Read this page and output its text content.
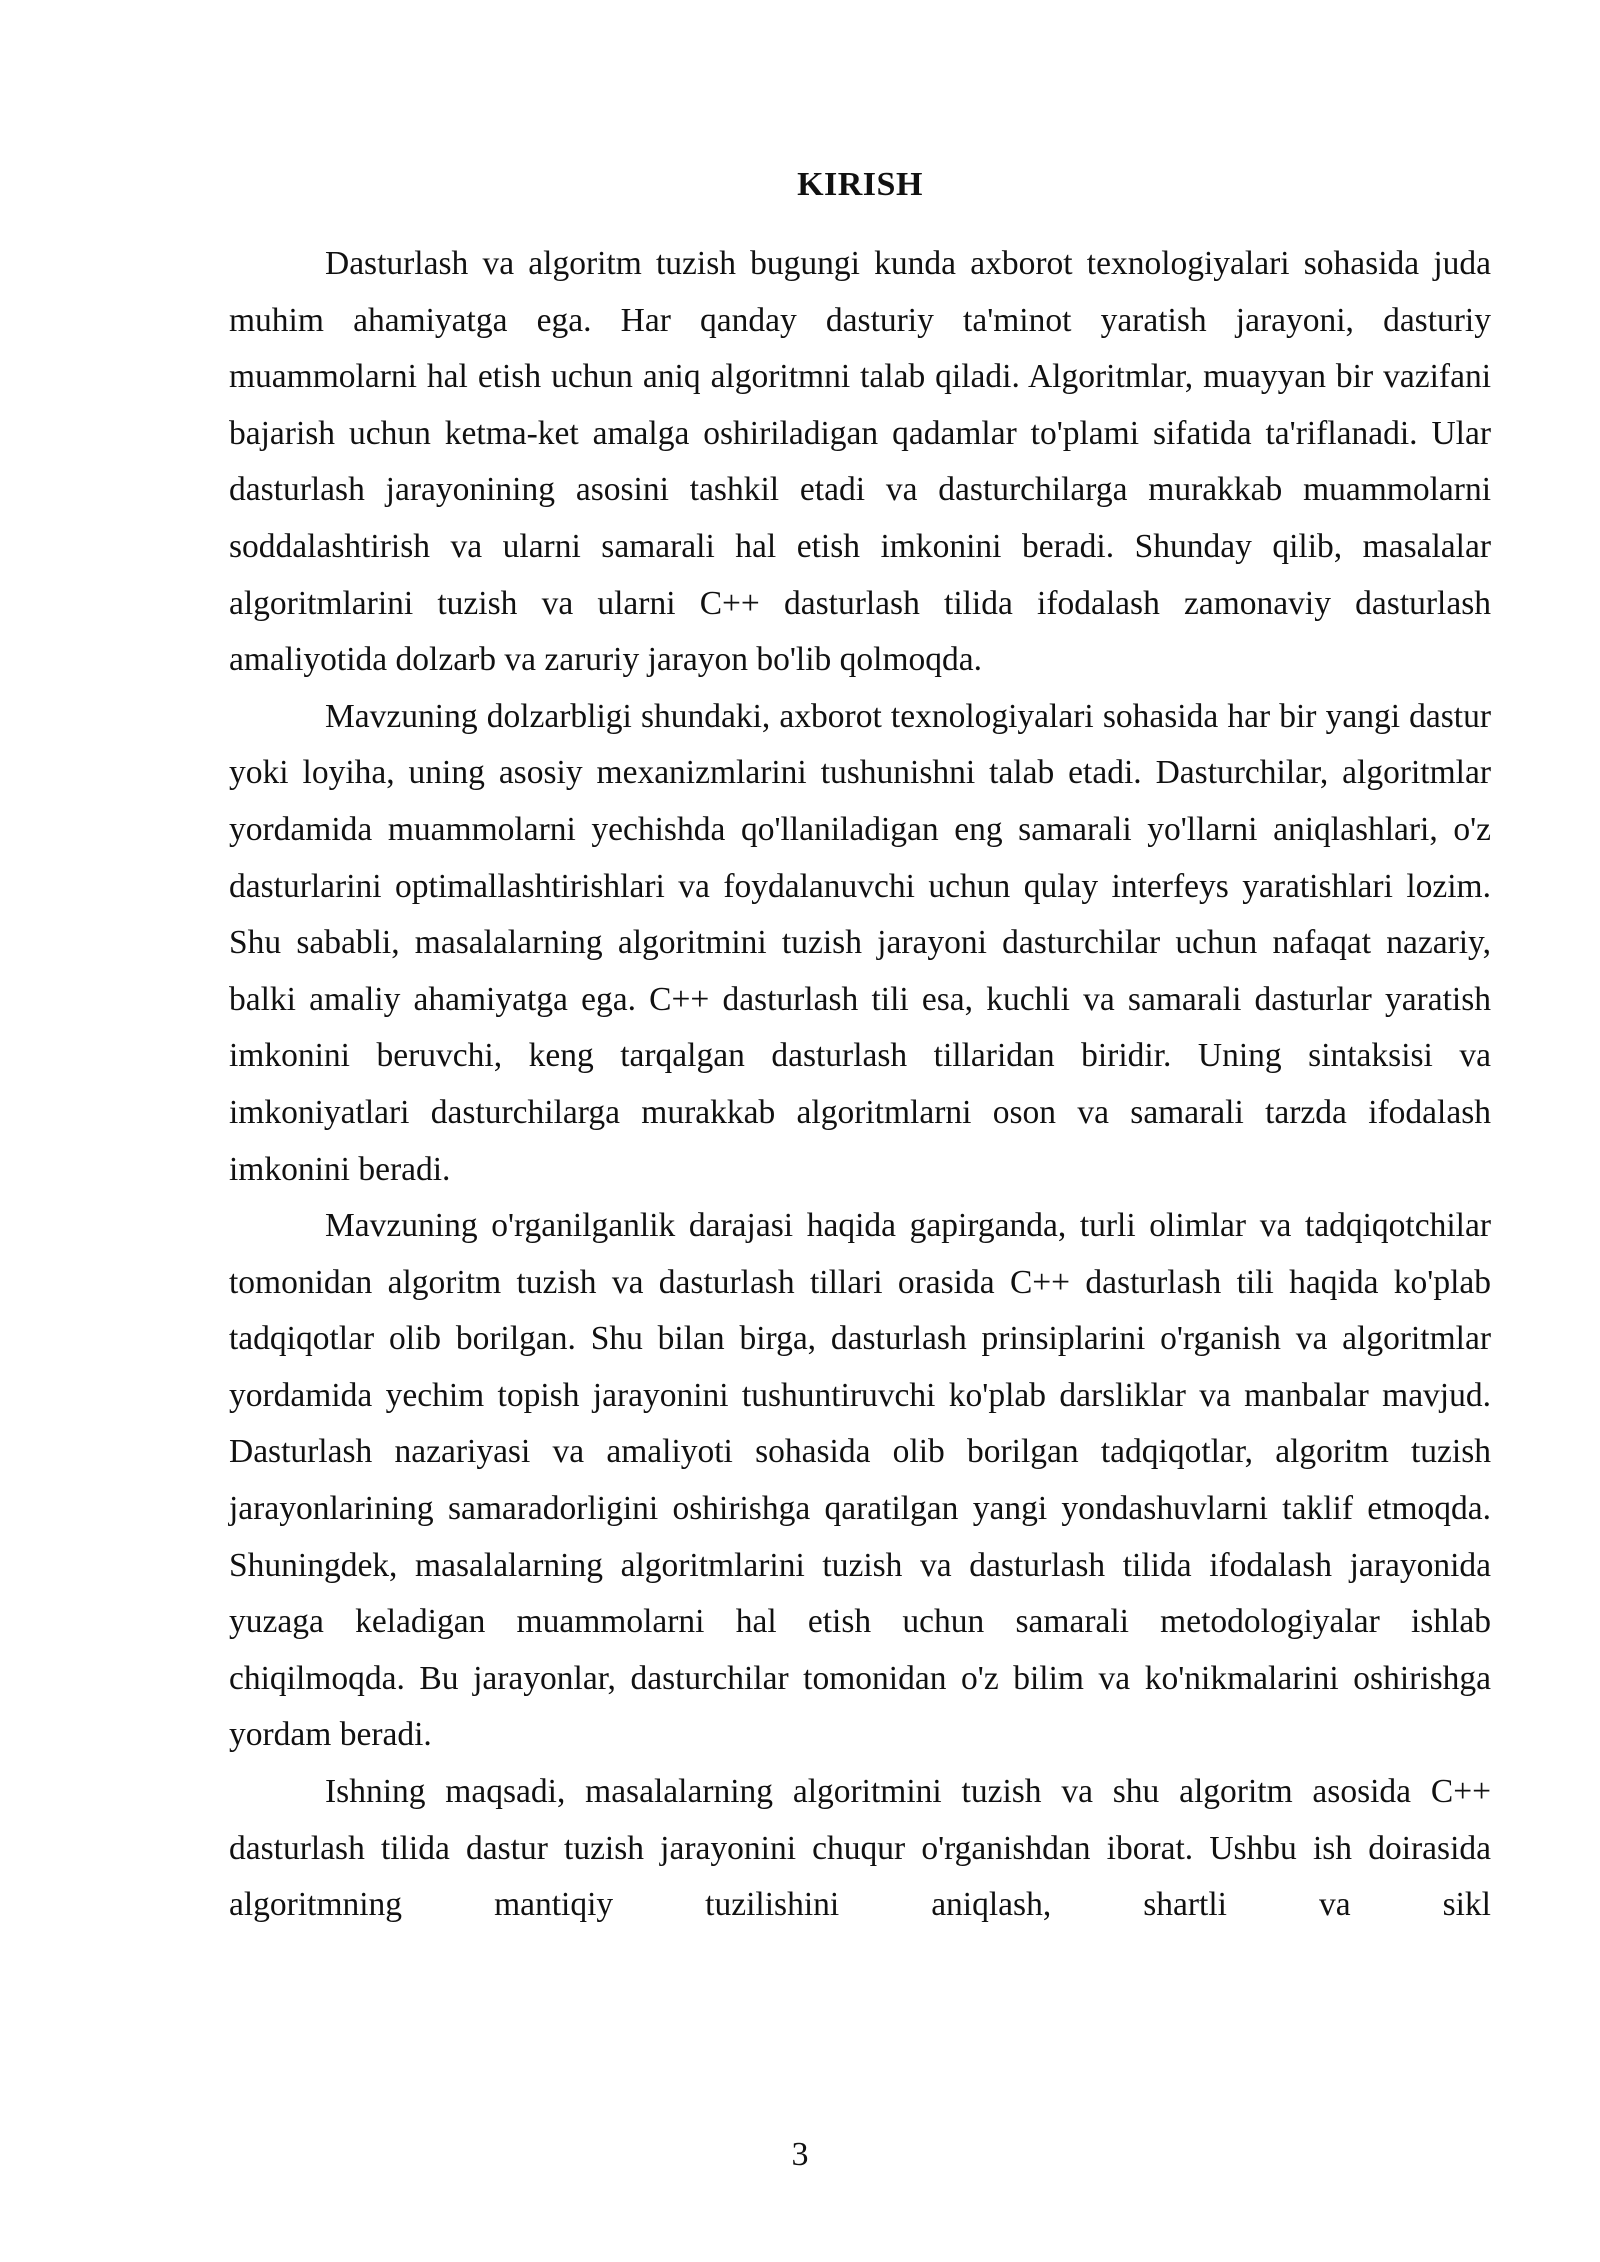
KIRISH

Dasturlash va algoritm tuzish bugungi kunda axborot texnologiyalari sohasida juda muhim ahamiyatga ega. Har qanday dasturiy ta'minot yaratish jarayoni, dasturiy muammolarni hal etish uchun aniq algoritmni talab qiladi. Algoritmlar, muayyan bir vazifani bajarish uchun ketma-ket amalga oshiriladigan qadamlar to'plami sifatida ta'riflanadi. Ular dasturlash jarayonining asosini tashkil etadi va dasturchilarga murakkab muammolarni soddalashtirish va ularni samarali hal etish imkonini beradi. Shunday qilib, masalalar algoritmlarini tuzish va ularni C++ dasturlash tilida ifodalash zamonaviy dasturlash amaliyotida dolzarb va zaruriy jarayon bo'lib qolmoqda.

Mavzuning dolzarbligi shundaki, axborot texnologiyalari sohasida har bir yangi dastur yoki loyiha, uning asosiy mexanizmlarini tushunishni talab etadi. Dasturchilar, algoritmlar yordamida muammolarni yechishda qo'llaniladigan eng samarali yo'llarni aniqlashlari, o'z dasturlarini optimallashtirishlari va foydalanuvchi uchun qulay interfeys yaratishlari lozim. Shu sababli, masalalarning algoritmini tuzish jarayoni dasturchilar uchun nafaqat nazariy, balki amaliy ahamiyatga ega. C++ dasturlash tili esa, kuchli va samarali dasturlar yaratish imkonini beruvchi, keng tarqalgan dasturlash tillaridan biridir. Uning sintaksisi va imkoniyatlari dasturchilarga murakkab algoritmlarni oson va samarali tarzda ifodalash imkonini beradi.

Mavzuning o'rganilganlik darajasi haqida gapirganda, turli olimlar va tadqiqotchilar tomonidan algoritm tuzish va dasturlash tillari orasida C++ dasturlash tili haqida ko'plab tadqiqotlar olib borilgan. Shu bilan birga, dasturlash prinsiplarini o'rganish va algoritmlar yordamida yechim topish jarayonini tushuntiruvchi ko'plab darsliklar va manbalar mavjud. Dasturlash nazariyasi va amaliyoti sohasida olib borilgan tadqiqotlar, algoritm tuzish jarayonlarining samaradorligini oshirishga qaratilgan yangi yondashuvlarni taklif etmoqda. Shuningdek, masalalarning algoritmlarini tuzish va dasturlash tilida ifodalash jarayonida yuzaga keladigan muammolarni hal etish uchun samarali metodologiyalar ishlab chiqilmoqda. Bu jarayonlar, dasturchilar tomonidan o'z bilim va ko'nikmalarini oshirishga yordam beradi.

Ishning maqsadi, masalalarning algoritmini tuzish va shu algoritm asosida C++ dasturlash tilida dastur tuzish jarayonini chuqur o'rganishdan iborat. Ushbu ish doirasida algoritmning mantiqiy tuzilishini aniqlash, shartli va sikl

3
